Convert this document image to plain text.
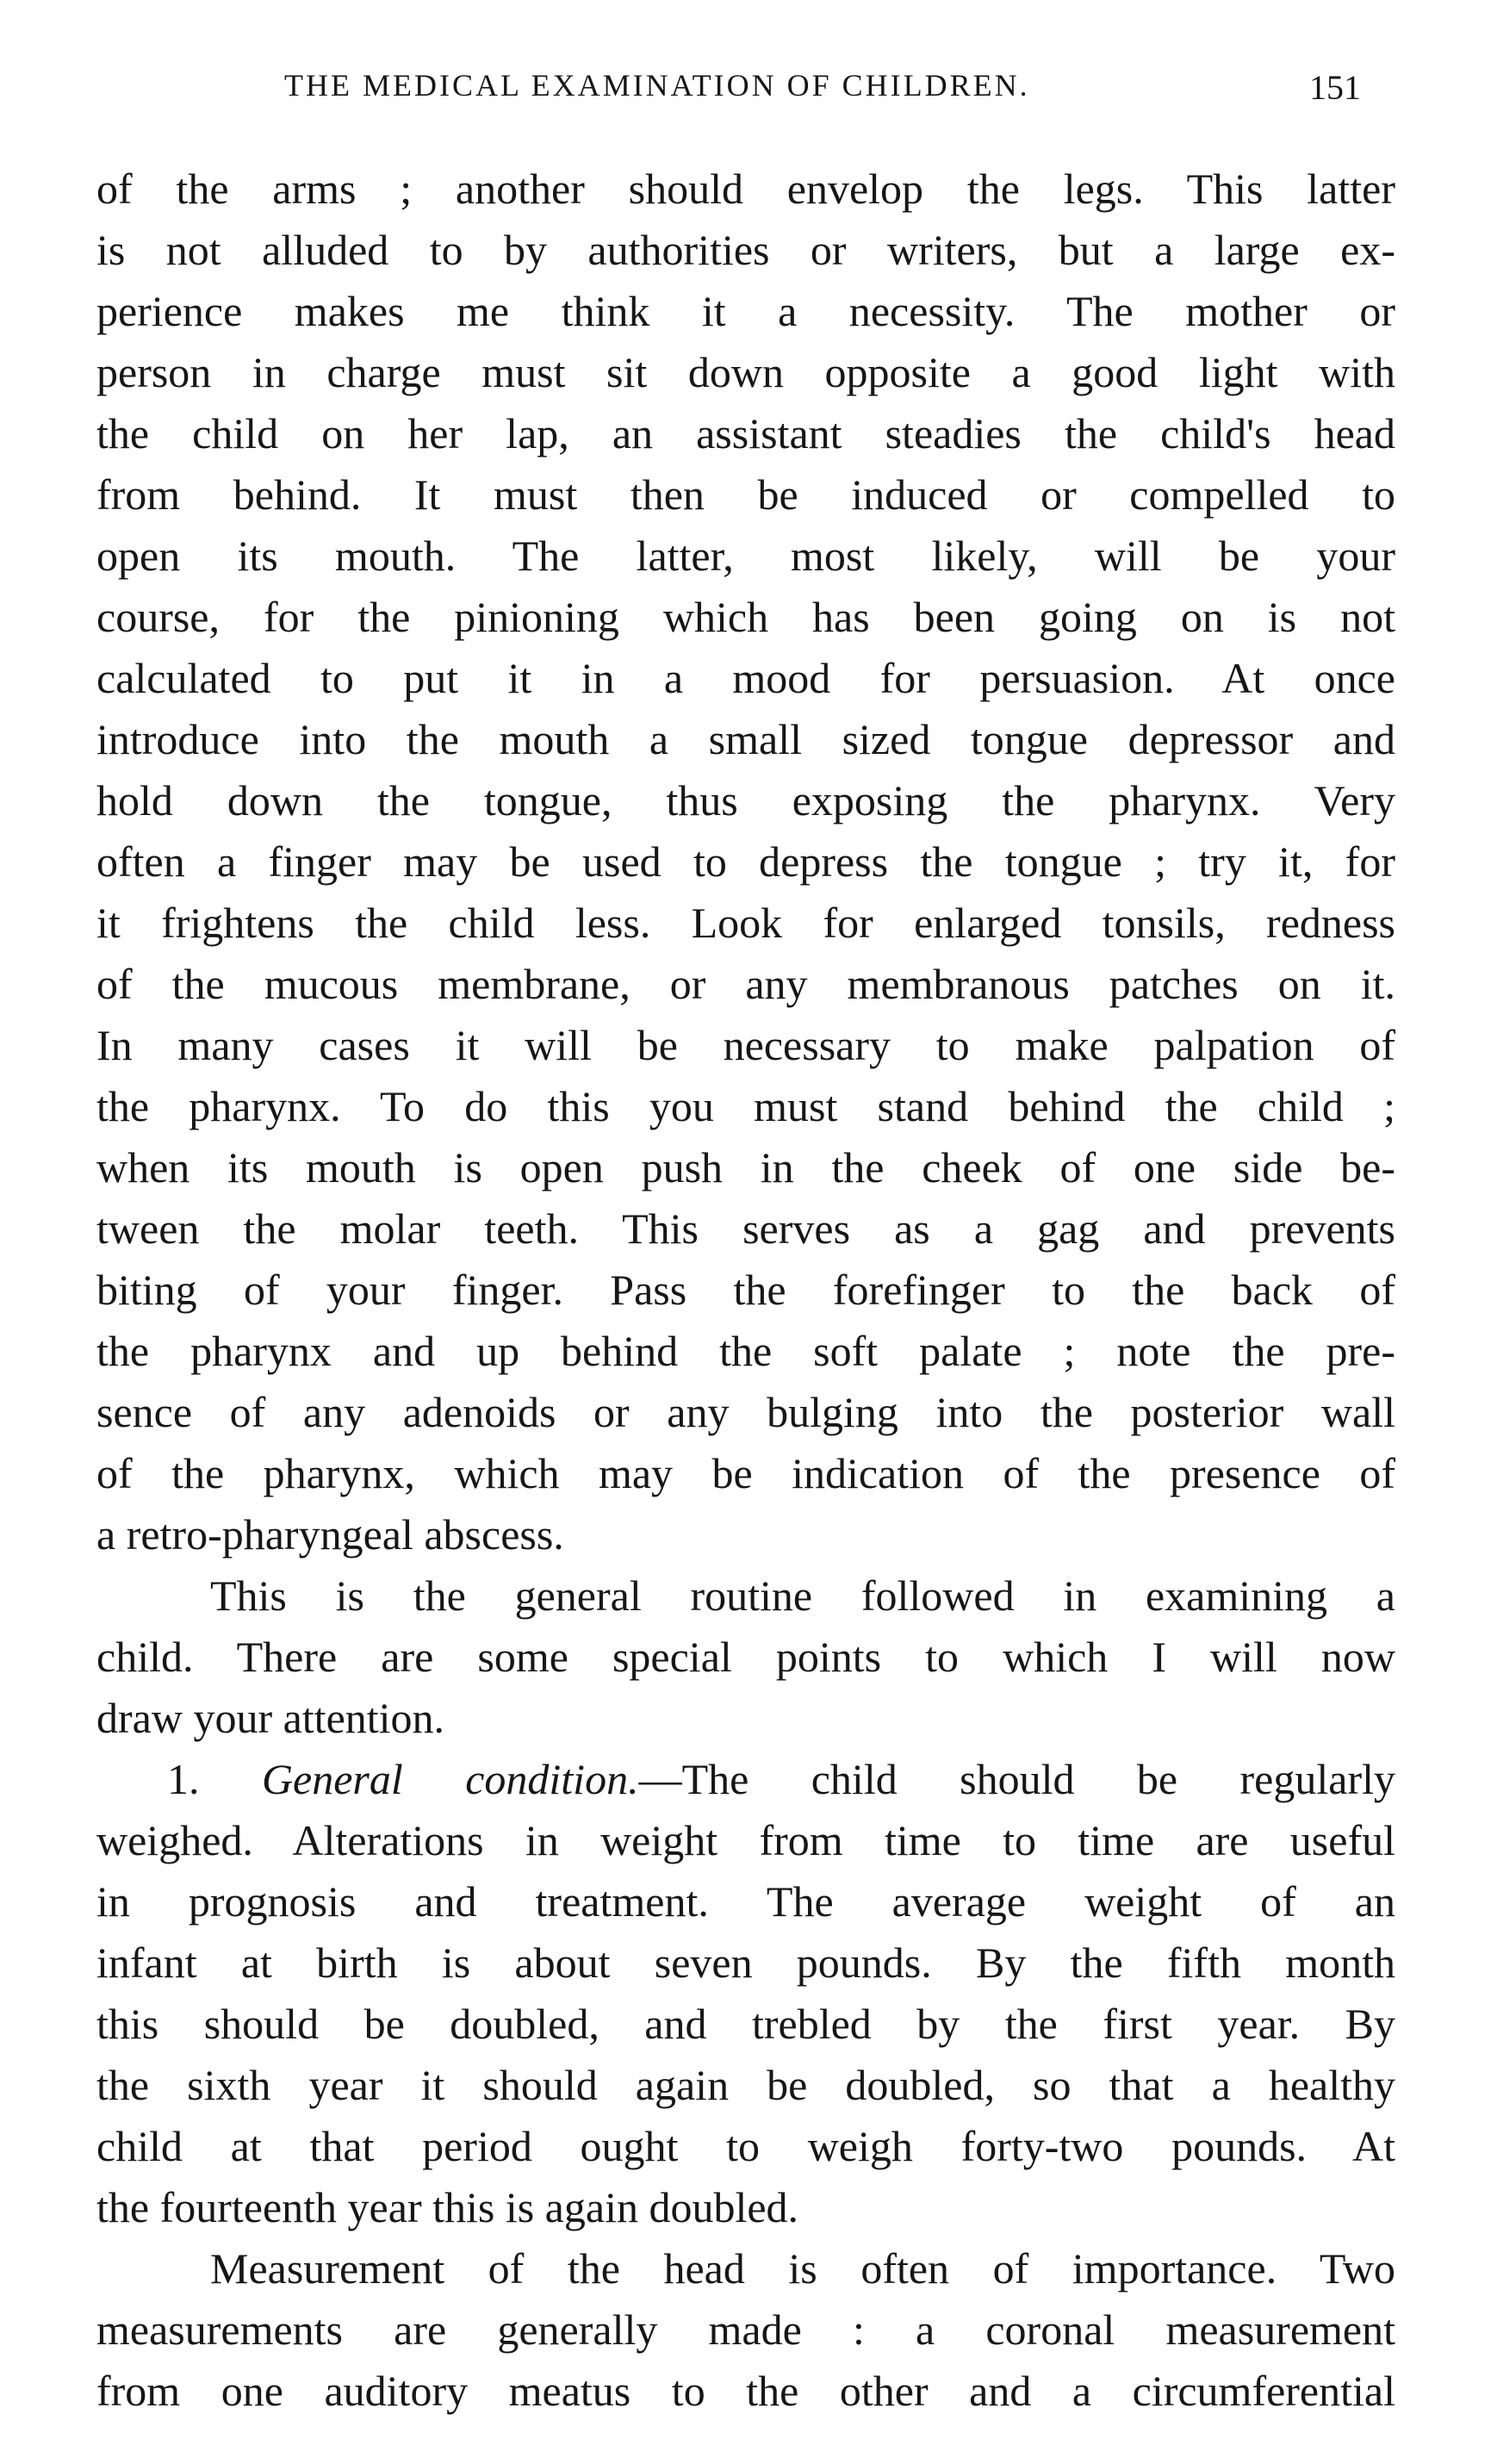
THE MEDICAL EXAMINATION OF CHILDREN.	151
of the arms ; another should envelop the legs. This latter
is not alluded to by authorities or writers, but a large ex-
perience makes me think it a necessity. The mother or
person in charge must sit down opposite a good light with
the child on her lap, an assistant steadies the child's head
from behind. It must then be induced or compelled to
open its mouth. The latter, most likely, will be your
course, for the pinioning which has been going on is not
calculated to put it in a mood for persuasion. At once
introduce into the mouth a small sized tongue depressor and
hold down the tongue, thus exposing the pharynx. Very
often a finger may be used to depress the tongue ; try it, for
it frightens the child less. Look for enlarged tonsils, redness
of the mucous membrane, or any membranous patches on it.
In many cases it will be necessary to make palpation of
the pharynx. To do this you must stand behind the child ;
when its mouth is open push in the cheek of one side be-
tween the molar teeth. This serves as a gag and prevents
biting of your finger. Pass the forefinger to the back of
the pharynx and up behind the soft palate ; note the pre-
sence of any adenoids or any bulging into the posterior wall
of the pharynx, which may be indication of the presence of
a retro-pharyngeal abscess.
This is the general routine followed in examining a
child. There are some special points to which I will now
draw your attention.
1. General condition.—The child should be regularly
weighed. Alterations in weight from time to time are useful
in prognosis and treatment. The average weight of an
infant at birth is about seven pounds. By the fifth month
this should be doubled, and trebled by the first year. By
the sixth year it should again be doubled, so that a healthy
child at that period ought to weigh forty-two pounds. At
the fourteenth year this is again doubled.
Measurement of the head is often of importance. Two
measurements are generally made : a coronal measurement
from one auditory meatus to the other and a circumferential
